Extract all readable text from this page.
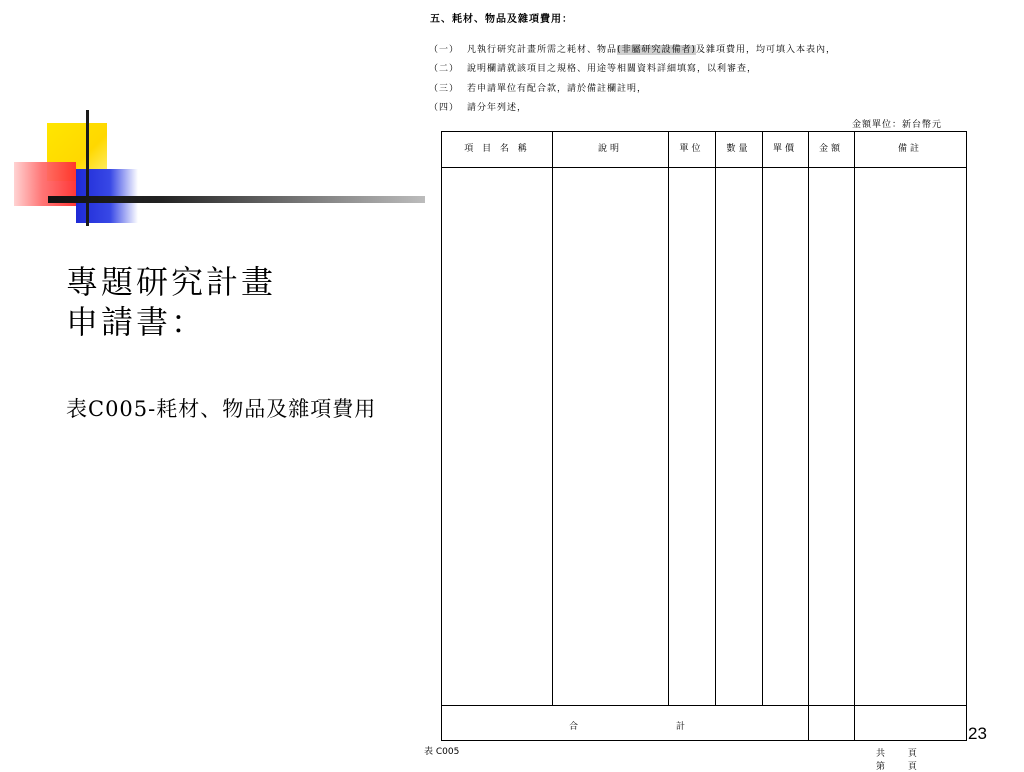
專題研究計畫
申請書：
表C005-耗材、物品及雜項費用
23
五、耗材、物品及雜項費用：
（一） 凡執行研究計畫所需之耗材、物品(非屬研究設備者)及雜項費用，均可填入本表內，
（二） 說明欄請就該項目之規格、用途等相關資料詳細填寫，以利審查，
（三） 若申請單位有配合款，請於備註欄註明，
（四） 請分年列述，
金額單位：新台幣元
項 目 名 稱	說明	單位	數量	單價	金額	備註
合	計
表 C005	共 頁 第 頁
